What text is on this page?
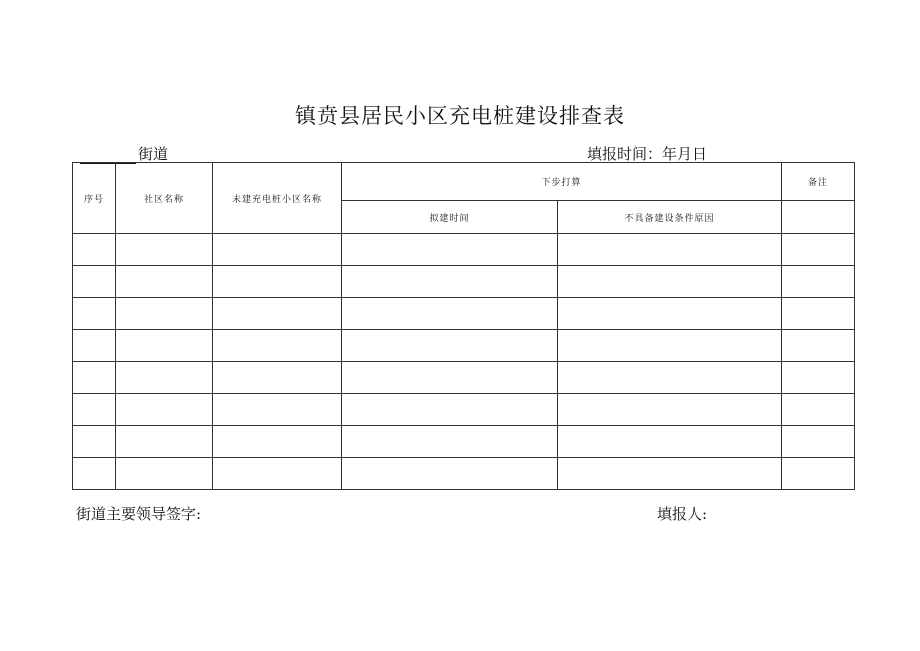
镇贲县居民小区充电桩建设排查表
街道	填报时间：年月日
序号	社区名称	未建充电桩小区名称	下步打算		备注
			拟建时间	不具备建设条件原因	

街道主要领导签字:	填报人:
